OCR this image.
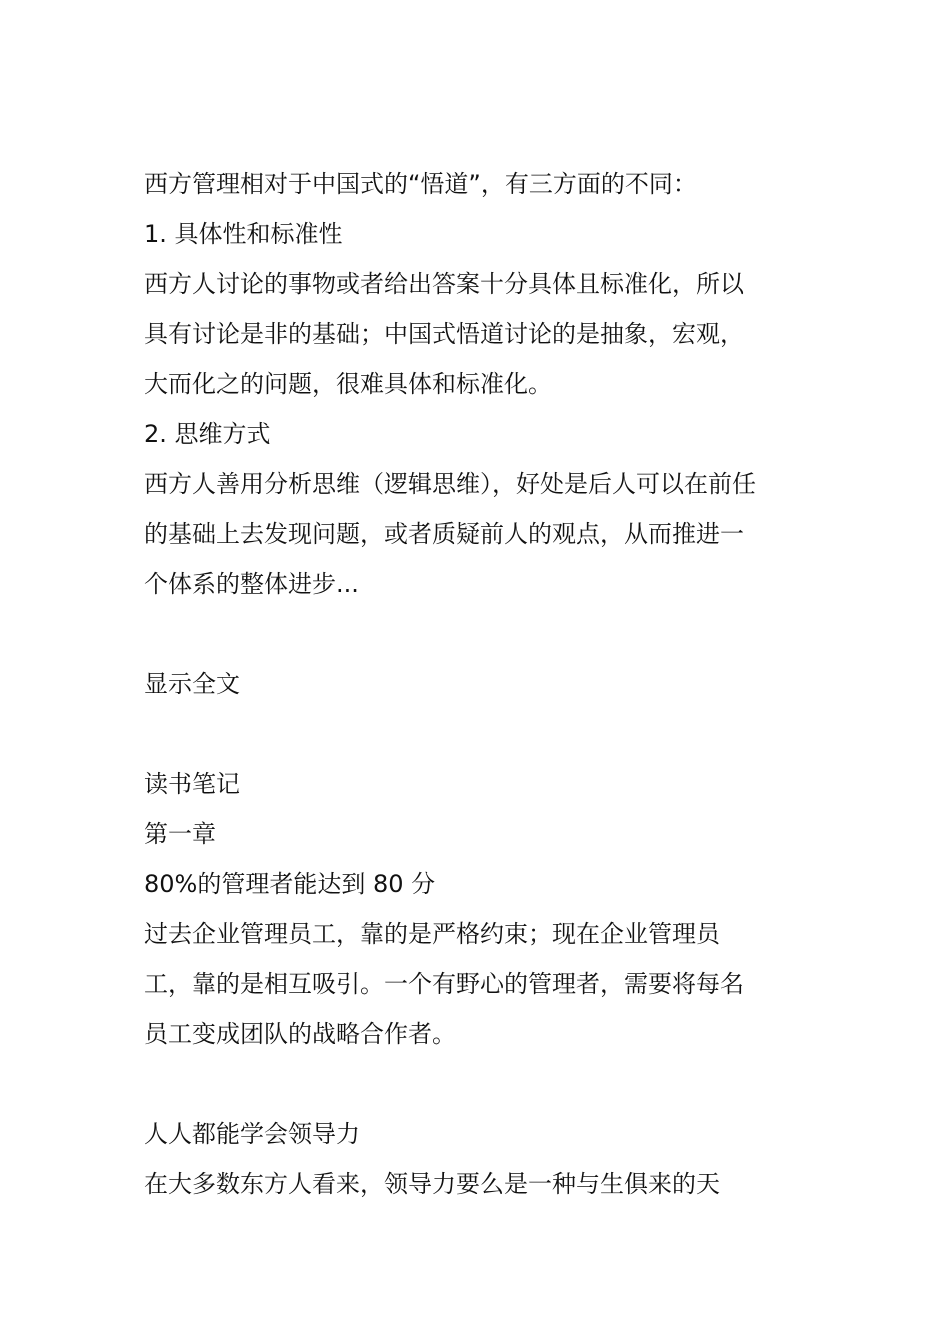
西方管理相对于中国式的“悟道”，有三方面的不同：
1. 具体性和标准性
西方人讨论的事物或者给出答案十分具体且标准化，所以
具有讨论是非的基础；中国式悟道讨论的是抽象，宏观，
大而化之的问题，很难具体和标准化。
2. 思维方式
西方人善用分析思维（逻辑思维），好处是后人可以在前任
的基础上去发现问题，或者质疑前人的观点，从而推进一
个体系的整体进步...
显示全文
读书笔记
第一章
80%的管理者能达到 80 分
过去企业管理员工，靠的是严格约束；现在企业管理员
工，靠的是相互吸引。一个有野心的管理者，需要将每名
员工变成团队的战略合作者。
人人都能学会领导力
在大多数东方人看来，领导力要么是一种与生俱来的天
